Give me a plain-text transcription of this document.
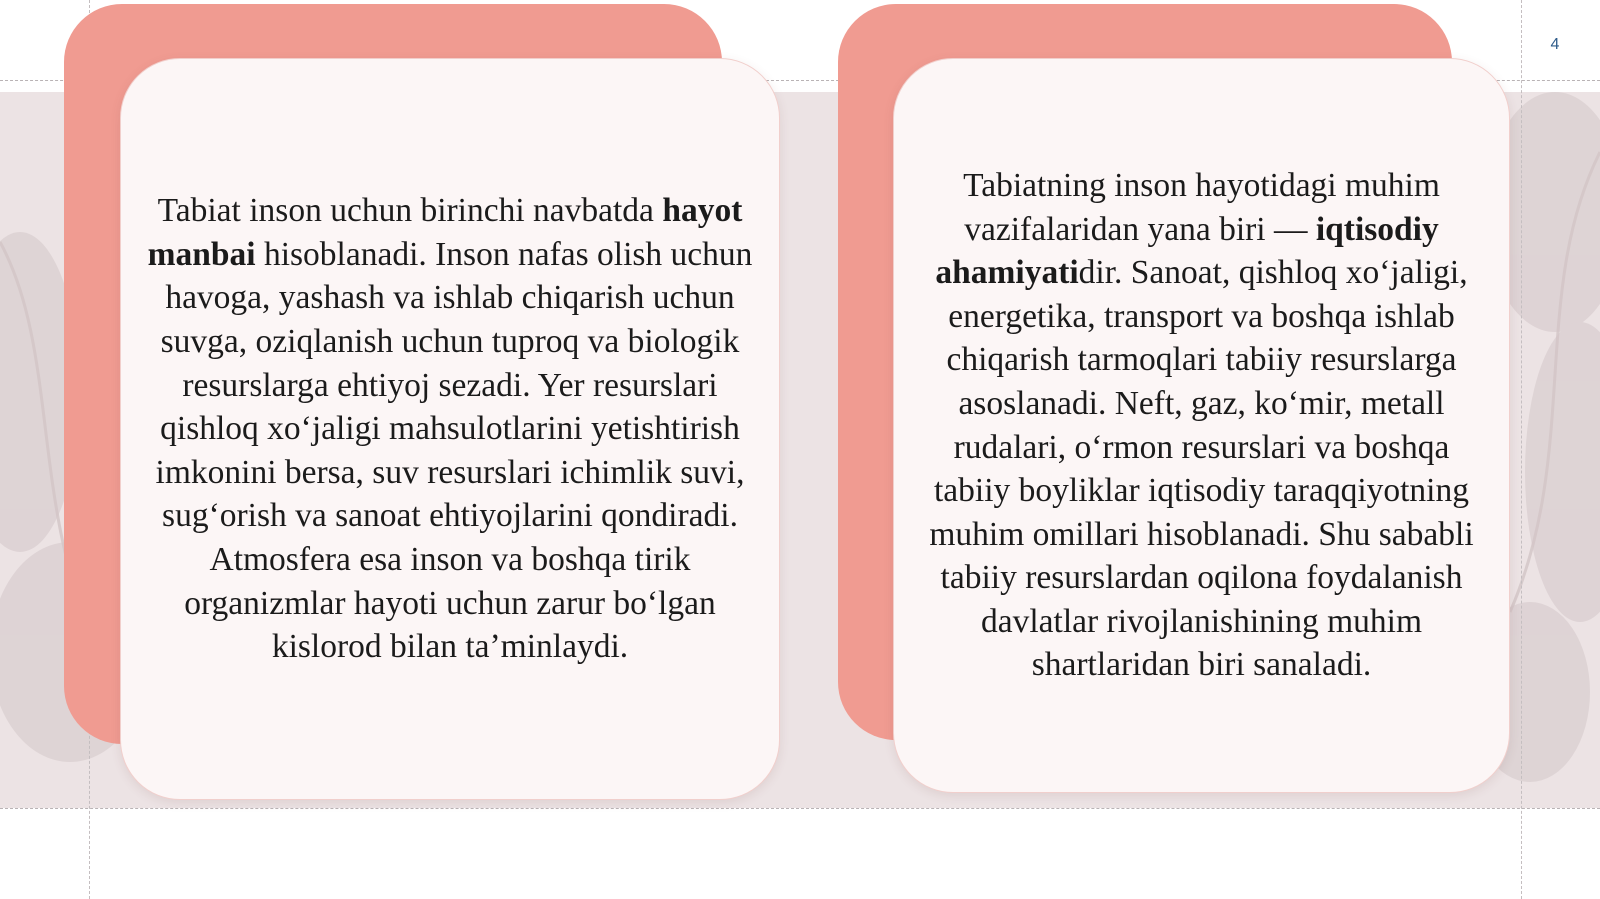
Tabiat inson uchun birinchi navbatda hayot manbai hisoblanadi. Inson nafas olish uchun havoga, yashash va ishlab chiqarish uchun suvga, oziqlanish uchun tuproq va biologik resurslarga ehtiyoj sezadi. Yer resurslari qishloq xoʻjaligi mahsulotlarini yetishtirish imkonini bersa, suv resurslari ichimlik suvi, sugʻorish va sanoat ehtiyojlarini qondiradi. Atmosfera esa inson va boshqa tirik organizmlar hayoti uchun zarur boʻlgan kislorod bilan taʼminlaydi.

Tabiatning inson hayotidagi muhim vazifalaridan yana biri — iqtisodiy ahamiyatidir. Sanoat, qishloq xoʻjaligi, energetika, transport va boshqa ishlab chiqarish tarmoqlari tabiiy resurslarga asoslanadi. Neft, gaz, koʻmir, metall rudalari, oʻrmon resurslari va boshqa tabiiy boyliklar iqtisodiy taraqqiyotning muhim omillari hisoblanadi. Shu sababli tabiiy resurslardan oqilona foydalanish davlatlar rivojlanishining muhim shartlaridan biri sanaladi.

4
